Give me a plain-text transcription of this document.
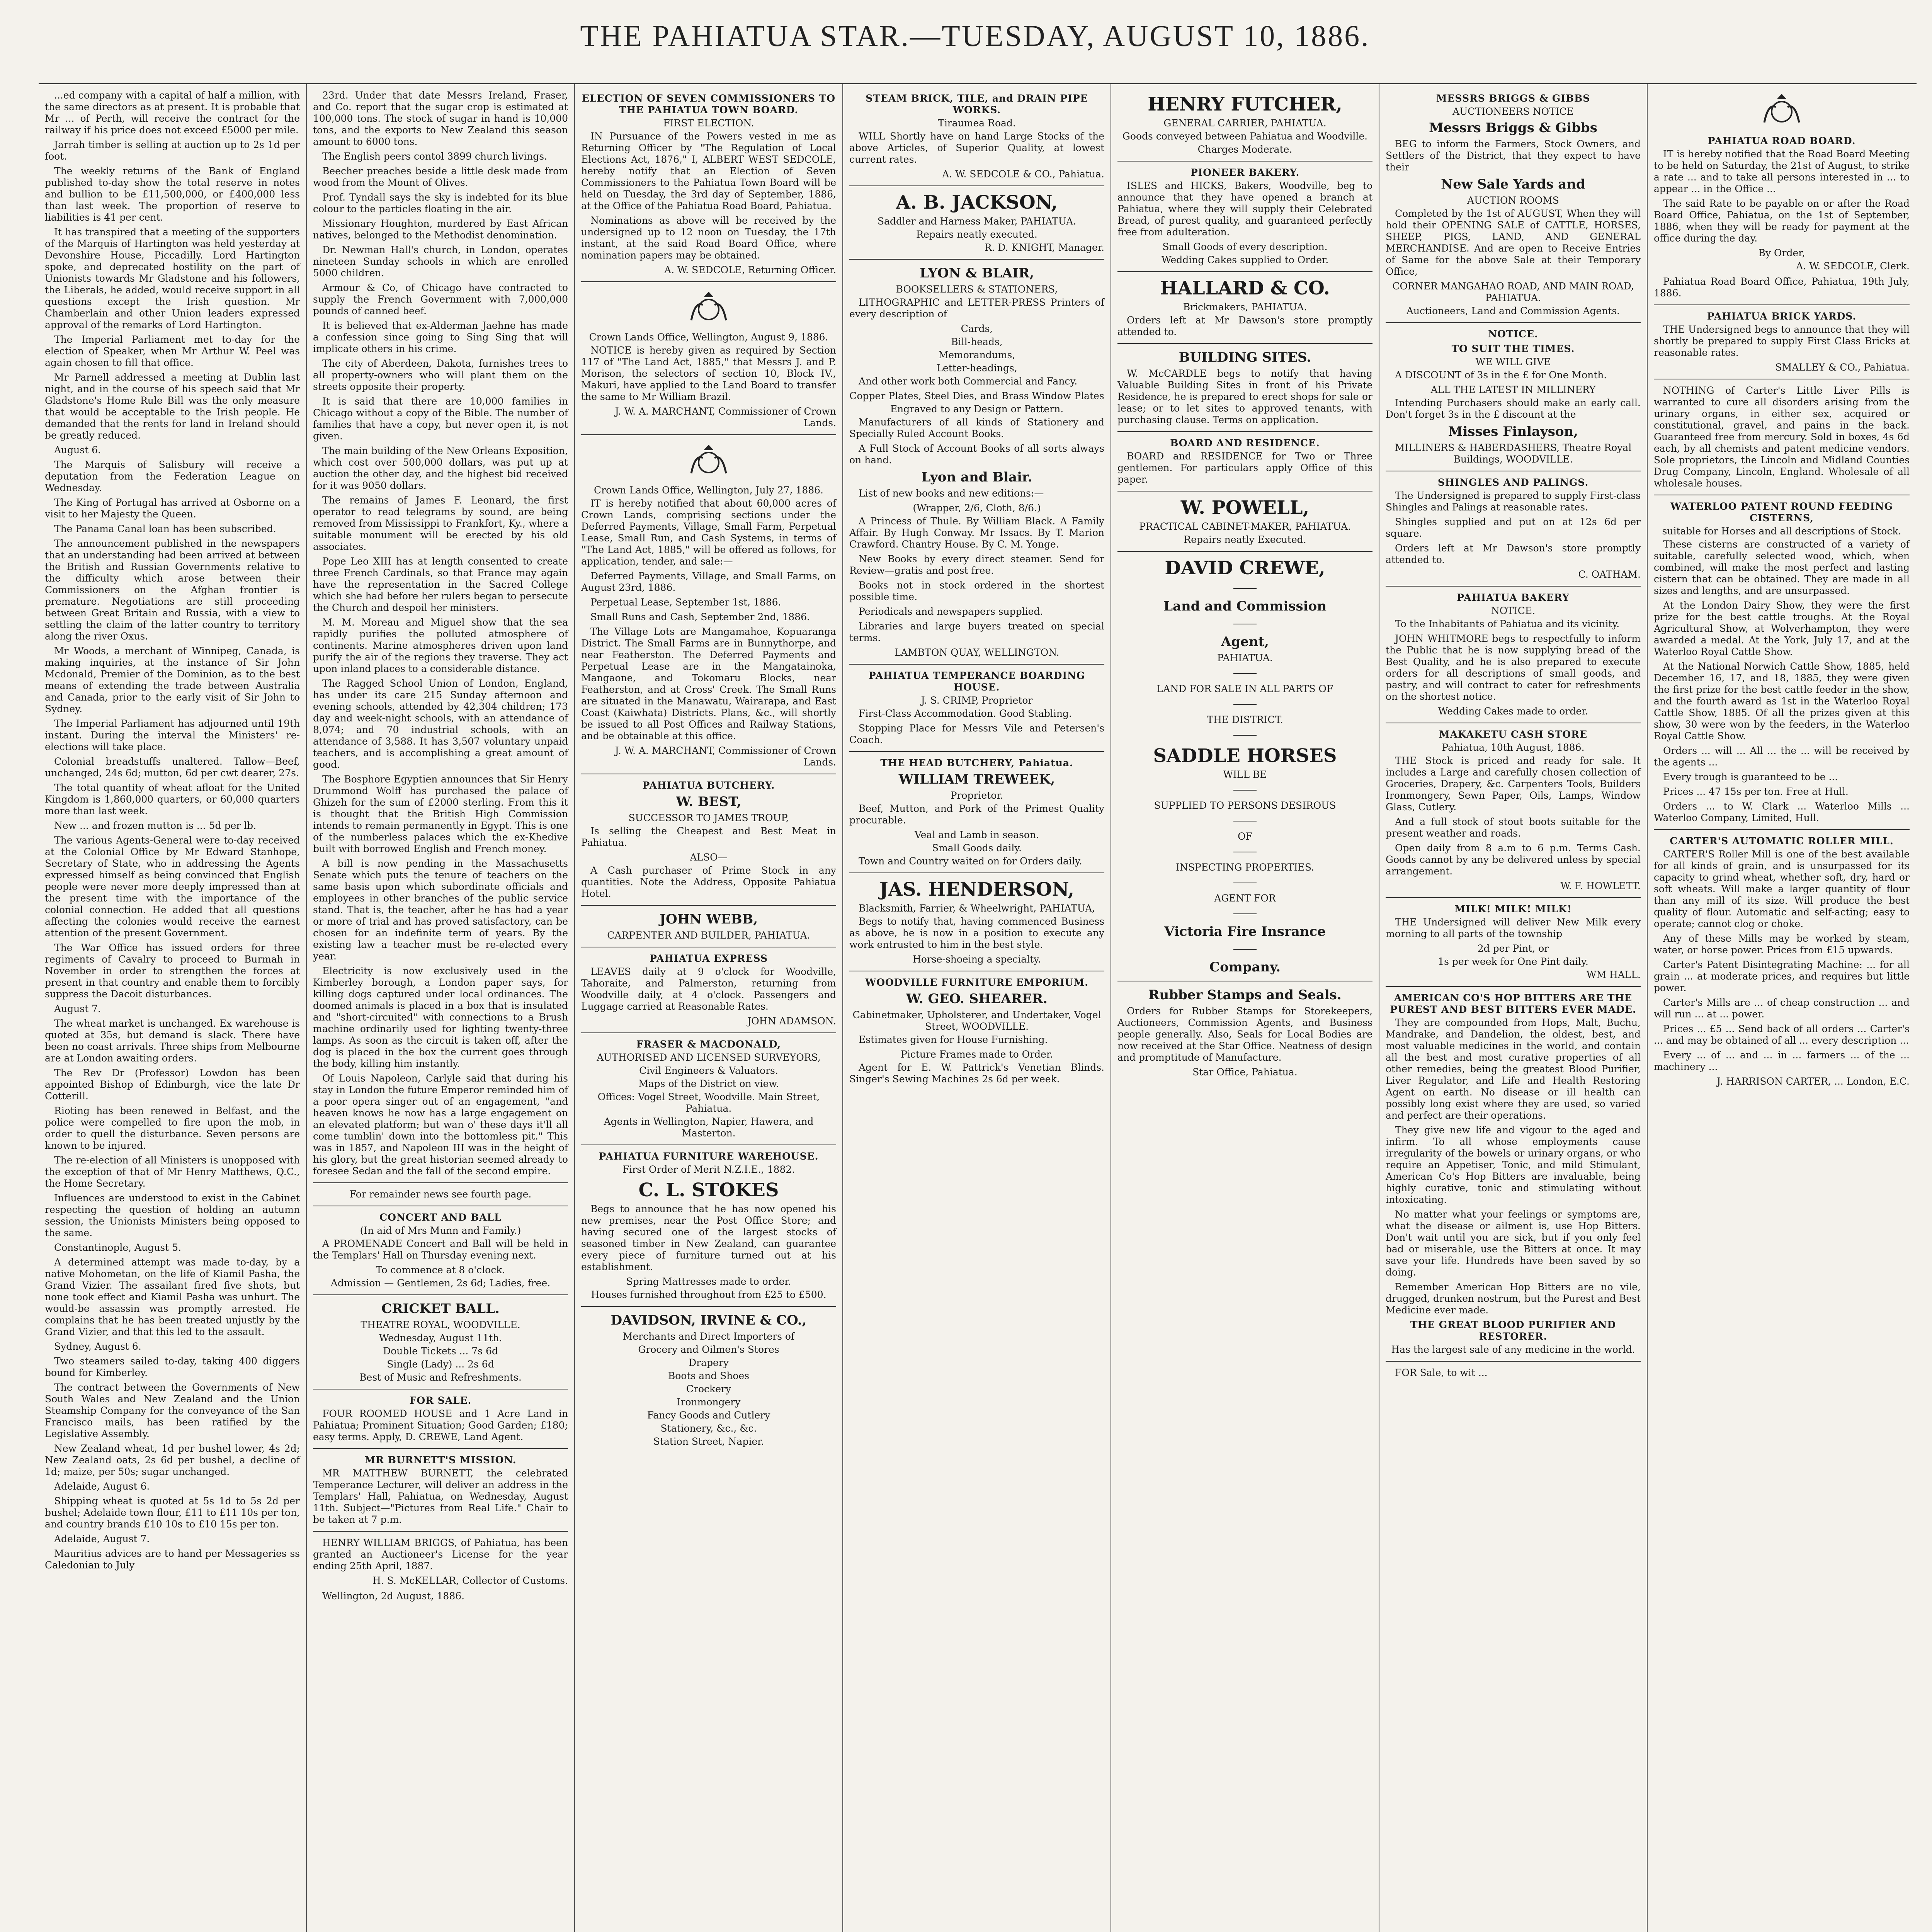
THE PAHIATUA STAR.—TUESDAY, AUGUST 10, 1886.

...ed company with a capital of half a million, with the same directors as at present. It is probable that Mr ... of Perth, will receive the contract for the railway if his price does not exceed £5000 per mile.

Jarrah timber is selling at auction up to 2s 1d per foot.

The weekly returns of the Bank of England published to-day show the total reserve in notes and bullion to be £11,500,000, or £400,000 less than last week. The proportion of reserve to liabilities is 41 per cent.

It has transpired that a meeting of the supporters of the Marquis of Hartington was held yesterday at Devonshire House, Piccadilly. Lord Hartington spoke, and deprecated hostility on the part of Unionists towards Mr Gladstone and his followers, the Liberals, he added, would receive support in all questions except the Irish question. Mr Chamberlain and other Union leaders expressed approval of the remarks of Lord Hartington.

The Imperial Parliament met to-day for the election of Speaker, when Mr Arthur W. Peel was again chosen to fill that office.

Mr Parnell addressed a meeting at Dublin last night, and in the course of his speech said that Mr Gladstone's Home Rule Bill was the only measure that would be acceptable to the Irish people. He demanded that the rents for land in Ireland should be greatly reduced.

August 6.

The Marquis of Salisbury will receive a deputation from the Federation League on Wednesday.

The King of Portugal has arrived at Osborne on a visit to her Majesty the Queen.

The Panama Canal loan has been subscribed.

The announcement published in the newspapers that an understanding had been arrived at between the British and Russian Governments relative to the difficulty which arose between their Commissioners on the Afghan frontier is premature. Negotiations are still proceeding between Great Britain and Russia, with a view to settling the claim of the latter country to territory along the river Oxus.

Mr Woods, a merchant of Winnipeg, Canada, is making inquiries, at the instance of Sir John Mcdonald, Premier of the Dominion, as to the best means of extending the trade between Australia and Canada, prior to the early visit of Sir John to Sydney.

The Imperial Parliament has adjourned until 19th instant. During the interval the Ministers' re-elections will take place.

Colonial breadstuffs unaltered. Tallow—Beef, unchanged, 24s 6d; mutton, 6d per cwt dearer, 27s.

The total quantity of wheat afloat for the United Kingdom is 1,860,000 quarters, or 60,000 quarters more than last week.

New ... and frozen mutton is ... 5d per lb.

The various Agents-General were to-day received at the Colonial Office by Mr Edward Stanhope, Secretary of State, who in addressing the Agents expressed himself as being convinced that English people were never more deeply impressed than at the present time with the importance of the colonial connection. He added that all questions affecting the colonies would receive the earnest attention of the present Government.

The War Office has issued orders for three regiments of Cavalry to proceed to Burmah in November in order to strengthen the forces at present in that country and enable them to forcibly suppress the Dacoit disturbances.

August 7.

The wheat market is unchanged. Ex warehouse is quoted at 35s, but demand is slack. There have been no coast arrivals. Three ships from Melbourne are at London awaiting orders.

The Rev Dr (Professor) Lowdon has been appointed Bishop of Edinburgh, vice the late Dr Cotterill.

Rioting has been renewed in Belfast, and the police were compelled to fire upon the mob, in order to quell the disturbance. Seven persons are known to be injured.

The re-election of all Ministers is unopposed with the exception of that of Mr Henry Matthews, Q.C., the Home Secretary.

Influences are understood to exist in the Cabinet respecting the question of holding an autumn session, the Unionists Ministers being opposed to the same.

Constantinople, August 5.

A determined attempt was made to-day, by a native Mohometan, on the life of Kiamil Pasha, the Grand Vizier. The assailant fired five shots, but none took effect and Kiamil Pasha was unhurt. The would-be assassin was promptly arrested. He complains that he has been treated unjustly by the Grand Vizier, and that this led to the assault.

Sydney, August 6.

Two steamers sailed to-day, taking 400 diggers bound for Kimberley.

The contract between the Governments of New South Wales and New Zealand and the Union Steamship Company for the conveyance of the San Francisco mails, has been ratified by the Legislative Assembly.

New Zealand wheat, 1d per bushel lower, 4s 2d; New Zealand oats, 2s 6d per bushel, a decline of 1d; maize, per 50s; sugar unchanged.

Adelaide, August 6.

Shipping wheat is quoted at 5s 1d to 5s 2d per bushel; Adelaide town flour, £11 to £11 10s per ton, and country brands £10 10s to £10 15s per ton.

Adelaide, August 7.

Mauritius advices are to hand per Messageries ss Caledonian to July

23rd. Under that date Messrs Ireland, Fraser, and Co. report that the sugar crop is estimated at 100,000 tons. The stock of sugar in hand is 10,000 tons, and the exports to New Zealand this season amount to 6000 tons.

The English peers contol 3899 church livings.

Beecher preaches beside a little desk made from wood from the Mount of Olives.

Prof. Tyndall says the sky is indebted for its blue colour to the particles floating in the air.

Missionary Houghton, murdered by East African natives, belonged to the Methodist denomination.

Dr. Newman Hall's church, in London, operates nineteen Sunday schools in which are enrolled 5000 children.

Armour & Co, of Chicago have contracted to supply the French Government with 7,000,000 pounds of canned beef.

It is believed that ex-Alderman Jaehne has made a confession since going to Sing Sing that will implicate others in his crime.

The city of Aberdeen, Dakota, furnishes trees to all property-owners who will plant them on the streets opposite their property.

It is said that there are 10,000 families in Chicago without a copy of the Bible. The number of families that have a copy, but never open it, is not given.

The main building of the New Orleans Exposition, which cost over 500,000 dollars, was put up at auction the other day, and the highest bid received for it was 9050 dollars.

The remains of James F. Leonard, the first operator to read telegrams by sound, are being removed from Mississippi to Frankfort, Ky., where a suitable monument will be erected by his old associates.

Pope Leo XIII has at length consented to create three French Cardinals, so that France may again have the representation in the Sacred College which she had before her rulers began to persecute the Church and despoil her ministers.

M. M. Moreau and Miguel show that the sea rapidly purifies the polluted atmosphere of continents. Marine atmospheres driven upon land purify the air of the regions they traverse. They act upon inland places to a considerable distance.

The Ragged School Union of London, England, has under its care 215 Sunday afternoon and evening schools, attended by 42,304 children; 173 day and week-night schools, with an attendance of 8,074; and 70 industrial schools, with an attendance of 3,588. It has 3,507 voluntary unpaid teachers, and is accomplishing a great amount of good.

The Bosphore Egyptien announces that Sir Henry Drummond Wolff has purchased the palace of Ghizeh for the sum of £2000 sterling. From this it is thought that the British High Commission intends to remain permanently in Egypt. This is one of the numberless palaces which the ex-Khedive built with borrowed English and French money.

A bill is now pending in the Massachusetts Senate which puts the tenure of teachers on the same basis upon which subordinate officials and employees in other branches of the public service stand. That is, the teacher, after he has had a year or more of trial and has proved satisfactory, can be chosen for an indefinite term of years. By the existing law a teacher must be re-elected every year.

Electricity is now exclusively used in the Kimberley borough, a London paper says, for killing dogs captured under local ordinances. The doomed animals is placed in a box that is insulated and "short-circuited" with connections to a Brush machine ordinarily used for lighting twenty-three lamps. As soon as the circuit is taken off, after the dog is placed in the box the current goes through the body, killing him instantly.

Of Louis Napoleon, Carlyle said that during his stay in London the future Emperor reminded him of a poor opera singer out of an engagement, "and heaven knows he now has a large engagement on an elevated platform; but wan o' these days it'll all come tumblin' down into the bottomless pit." This was in 1857, and Napoleon III was in the height of his glory, but the great historian seemed already to foresee Sedan and the fall of the second empire.

For remainder news see fourth page.

CONCERT AND BALL

(In aid of Mrs Munn and Family.)

A PROMENADE Concert and Ball will be held in the Templars' Hall on Thursday evening next.

To commence at 8 o'clock.

Admission — Gentlemen, 2s 6d; Ladies, free.

CRICKET BALL.

THEATRE ROYAL, WOODVILLE.

Wednesday, August 11th.

Double Tickets ... 7s 6d

Single (Lady) ... 2s 6d

Best of Music and Refreshments.

FOR SALE.

FOUR ROOMED HOUSE and 1 Acre Land in Pahiatua; Prominent Situation; Good Garden; £180; easy terms. Apply, D. CREWE, Land Agent.

MR BURNETT'S MISSION.

MR MATTHEW BURNETT, the celebrated Temperance Lecturer, will deliver an address in the Templars' Hall, Pahiatua, on Wednesday, August 11th. Subject—"Pictures from Real Life." Chair to be taken at 7 p.m.

HENRY WILLIAM BRIGGS, of Pahiatua, has been granted an Auctioneer's License for the year ending 25th April, 1887.

H. S. McKELLAR, Collector of Customs.

Wellington, 2d August, 1886.

ELECTION OF SEVEN COMMISSIONERS TO THE PAHIATUA TOWN BOARD.

FIRST ELECTION.

IN Pursuance of the Powers vested in me as Returning Officer by "The Regulation of Local Elections Act, 1876," I, ALBERT WEST SEDCOLE, hereby notify that an Election of Seven Commissioners to the Pahiatua Town Board will be held on Tuesday, the 3rd day of September, 1886, at the Office of the Pahiatua Road Board, Pahiatua.

Nominations as above will be received by the undersigned up to 12 noon on Tuesday, the 17th instant, at the said Road Board Office, where nomination papers may be obtained.

A. W. SEDCOLE, Returning Officer.

Crown Lands Office, Wellington, August 9, 1886.

NOTICE is hereby given as required by Section 117 of "The Land Act, 1885," that Messrs J. and P. Morison, the selectors of section 10, Block IV., Makuri, have applied to the Land Board to transfer the same to Mr William Brazil.

J. W. A. MARCHANT, Commissioner of Crown Lands.

Crown Lands Office, Wellington, July 27, 1886.

IT is hereby notified that about 60,000 acres of Crown Lands, comprising sections under the Deferred Payments, Village, Small Farm, Perpetual Lease, Small Run, and Cash Systems, in terms of "The Land Act, 1885," will be offered as follows, for application, tender, and sale:—

Deferred Payments, Village, and Small Farms, on August 23rd, 1886.

Perpetual Lease, September 1st, 1886.

Small Runs and Cash, September 2nd, 1886.

The Village Lots are Mangamahoe, Kopuaranga District. The Small Farms are in Bunnythorpe, and near Featherston. The Deferred Payments and Perpetual Lease are in the Mangatainoka, Mangaone, and Tokomaru Blocks, near Featherston, and at Cross' Creek. The Small Runs are situated in the Manawatu, Wairarapa, and East Coast (Kaiwhata) Districts. Plans, &c., will shortly be issued to all Post Offices and Railway Stations, and be obtainable at this office.

J. W. A. MARCHANT, Commissioner of Crown Lands.

PAHIATUA BUTCHERY.
W. BEST,

SUCCESSOR TO JAMES TROUP,

Is selling the Cheapest and Best Meat in Pahiatua.

ALSO—

A Cash purchaser of Prime Stock in any quantities. Note the Address, Opposite Pahiatua Hotel.

JOHN WEBB,

CARPENTER AND BUILDER, PAHIATUA.

PAHIATUA EXPRESS

LEAVES daily at 9 o'clock for Woodville, Tahoraite, and Palmerston, returning from Woodville daily, at 4 o'clock. Passengers and Luggage carried at Reasonable Rates.

JOHN ADAMSON.

FRASER & MACDONALD,

AUTHORISED AND LICENSED SURVEYORS,

Civil Engineers & Valuators.

Maps of the District on view.

Offices: Vogel Street, Woodville. Main Street, Pahiatua.

Agents in Wellington, Napier, Hawera, and Masterton.

PAHIATUA FURNITURE WAREHOUSE.

First Order of Merit N.Z.I.E., 1882.

C. L. STOKES

Begs to announce that he has now opened his new premises, near the Post Office Store; and having secured one of the largest stocks of seasoned timber in New Zealand, can guarantee every piece of furniture turned out at his establishment.

Spring Mattresses made to order.

Houses furnished throughout from £25 to £500.

DAVIDSON, IRVINE & CO.,

Merchants and Direct Importers of

Grocery and Oilmen's Stores

Drapery

Boots and Shoes

Crockery

Ironmongery

Fancy Goods and Cutlery

Stationery, &c., &c.

Station Street, Napier.

STEAM BRICK, TILE, and DRAIN PIPE WORKS.

Tiraumea Road.

WILL Shortly have on hand Large Stocks of the above Articles, of Superior Quality, at lowest current rates.

A. W. SEDCOLE & CO., Pahiatua.

A. B. JACKSON,

Saddler and Harness Maker, PAHIATUA.

Repairs neatly executed.

R. D. KNIGHT, Manager.

LYON & BLAIR,

BOOKSELLERS & STATIONERS,

LITHOGRAPHIC and LETTER-PRESS Printers of every description of

Cards,

Bill-heads,

Memorandums,

Letter-headings,

And other work both Commercial and Fancy.

Copper Plates, Steel Dies, and Brass Window Plates

Engraved to any Design or Pattern.

Manufacturers of all kinds of Stationery and Specially Ruled Account Books.

A Full Stock of Account Books of all sorts always on hand.

Lyon and Blair.

List of new books and new editions:—

(Wrapper, 2/6, Cloth, 8/6.)

A Princess of Thule. By William Black. A Family Affair. By Hugh Conway. Mr Issacs. By T. Marion Crawford. Chantry House. By C. M. Yonge.

New Books by every direct steamer. Send for Review—gratis and post free.

Books not in stock ordered in the shortest possible time.

Periodicals and newspapers supplied.

Libraries and large buyers treated on special terms.

LAMBTON QUAY, WELLINGTON.

PAHIATUA TEMPERANCE BOARDING HOUSE.

J. S. CRIMP, Proprietor

First-Class Accommodation. Good Stabling.

Stopping Place for Messrs Vile and Petersen's Coach.

THE HEAD BUTCHERY, Pahiatua.
WILLIAM TREWEEK,

Proprietor.

Beef, Mutton, and Pork of the Primest Quality procurable.

Veal and Lamb in season.

Small Goods daily.

Town and Country waited on for Orders daily.

JAS. HENDERSON,

Blacksmith, Farrier, & Wheelwright, PAHIATUA,

Begs to notify that, having commenced Business as above, he is now in a position to execute any work entrusted to him in the best style.

Horse-shoeing a specialty.

WOODVILLE FURNITURE EMPORIUM.
W. GEO. SHEARER.

Cabinetmaker, Upholsterer, and Undertaker, Vogel Street, WOODVILLE.

Estimates given for House Furnishing.

Picture Frames made to Order.

Agent for E. W. Pattrick's Venetian Blinds. Singer's Sewing Machines 2s 6d per week.

HENRY FUTCHER,

GENERAL CARRIER, PAHIATUA.

Goods conveyed between Pahiatua and Woodville.

Charges Moderate.

PIONEER BAKERY.

ISLES and HICKS, Bakers, Woodville, beg to announce that they have opened a branch at Pahiatua, where they will supply their Celebrated Bread, of purest quality, and guaranteed perfectly free from adulteration.

Small Goods of every description.

Wedding Cakes supplied to Order.

HALLARD & CO.

Brickmakers, PAHIATUA.

Orders left at Mr Dawson's store promptly attended to.

BUILDING SITES.

W. McCARDLE begs to notify that having Valuable Building Sites in front of his Private Residence, he is prepared to erect shops for sale or lease; or to let sites to approved tenants, with purchasing clause. Terms on application.

BOARD AND RESIDENCE.

BOARD and RESIDENCE for Two or Three gentlemen. For particulars apply Office of this paper.

W. POWELL,

PRACTICAL CABINET-MAKER, PAHIATUA.

Repairs neatly Executed.

DAVID CREWE,
Land and Commission
Agent,

PAHIATUA.

LAND FOR SALE IN ALL PARTS OF

THE DISTRICT.

SADDLE HORSES

WILL BE

SUPPLIED TO PERSONS DESIROUS

OF

INSPECTING PROPERTIES.

AGENT FOR

Victoria Fire Insrance
Company.
Rubber Stamps and Seals.

Orders for Rubber Stamps for Storekeepers, Auctioneers, Commission Agents, and Business people generally. Also, Seals for Local Bodies are now received at the Star Office. Neatness of design and promptitude of Manufacture.

Star Office, Pahiatua.

MESSRS BRIGGS & GIBBS

AUCTIONEERS NOTICE

Messrs Briggs & Gibbs

BEG to inform the Farmers, Stock Owners, and Settlers of the District, that they expect to have their

New Sale Yards and

AUCTION ROOMS

Completed by the 1st of AUGUST, When they will hold their OPENING SALE of CATTLE, HORSES, SHEEP, PIGS, LAND, AND GENERAL MERCHANDISE. And are open to Receive Entries of Same for the above Sale at their Temporary Office,

CORNER MANGAHAO ROAD, AND MAIN ROAD, PAHIATUA.

Auctioneers, Land and Commission Agents.

NOTICE.
TO SUIT THE TIMES.

WE WILL GIVE

A DISCOUNT of 3s in the £ for One Month.

ALL THE LATEST IN MILLINERY

Intending Purchasers should make an early call. Don't forget 3s in the £ discount at the

Misses Finlayson,

MILLINERS & HABERDASHERS, Theatre Royal Buildings, WOODVILLE.

SHINGLES AND PALINGS.

The Undersigned is prepared to supply First-class Shingles and Palings at reasonable rates.

Shingles supplied and put on at 12s 6d per square.

Orders left at Mr Dawson's store promptly attended to.

C. OATHAM.

PAHIATUA BAKERY

NOTICE.

To the Inhabitants of Pahiatua and its vicinity.

JOHN WHITMORE begs to respectfully to inform the Public that he is now supplying bread of the Best Quality, and he is also prepared to execute orders for all descriptions of small goods, and pastry, and will contract to cater for refreshments on the shortest notice.

Wedding Cakes made to order.

MAKAKETU CASH STORE

Pahiatua, 10th August, 1886.

THE Stock is priced and ready for sale. It includes a Large and carefully chosen collection of Groceries, Drapery, &c. Carpenters Tools, Builders Ironmongery, Sewn Paper, Oils, Lamps, Window Glass, Cutlery.

And a full stock of stout boots suitable for the present weather and roads.

Open daily from 8 a.m to 6 p.m. Terms Cash. Goods cannot by any be delivered unless by special arrangement.

W. F. HOWLETT.

MILK! MILK! MILK!

THE Undersigned will deliver New Milk every morning to all parts of the township

2d per Pint, or

1s per week for One Pint daily.

WM HALL.

AMERICAN CO'S HOP BITTERS ARE THE PUREST AND BEST BITTERS EVER MADE.

They are compounded from Hops, Malt, Buchu, Mandrake, and Dandelion, the oldest, best, and most valuable medicines in the world, and contain all the best and most curative properties of all other remedies, being the greatest Blood Purifier, Liver Regulator, and Life and Health Restoring Agent on earth. No disease or ill health can possibly long exist where they are used, so varied and perfect are their operations.

They give new life and vigour to the aged and infirm. To all whose employments cause irregularity of the bowels or urinary organs, or who require an Appetiser, Tonic, and mild Stimulant, American Co's Hop Bitters are invaluable, being highly curative, tonic and stimulating without intoxicating.

No matter what your feelings or symptoms are, what the disease or ailment is, use Hop Bitters. Don't wait until you are sick, but if you only feel bad or miserable, use the Bitters at once. It may save your life. Hundreds have been saved by so doing.

Remember American Hop Bitters are no vile, drugged, drunken nostrum, but the Purest and Best Medicine ever made.

THE GREAT BLOOD PURIFIER AND RESTORER.

Has the largest sale of any medicine in the world.

FOR Sale, to wit ...

PAHIATUA ROAD BOARD.

IT is hereby notified that the Road Board Meeting to be held on Saturday, the 21st of August, to strike a rate ... and to take all persons interested in ... to appear ... in the Office ...

The said Rate to be payable on or after the Road Board Office, Pahiatua, on the 1st of September, 1886, when they will be ready for payment at the office during the day.

By Order,

A. W. SEDCOLE, Clerk.

Pahiatua Road Board Office, Pahiatua, 19th July, 1886.

PAHIATUA BRICK YARDS.

THE Undersigned begs to announce that they will shortly be prepared to supply First Class Bricks at reasonable rates.

SMALLEY & CO., Pahiatua.

NOTHING of Carter's Little Liver Pills is warranted to cure all disorders arising from the urinary organs, in either sex, acquired or constitutional, gravel, and pains in the back. Guaranteed free from mercury. Sold in boxes, 4s 6d each, by all chemists and patent medicine vendors. Sole proprietors, the Lincoln and Midland Counties Drug Company, Lincoln, England. Wholesale of all wholesale houses.

WATERLOO PATENT ROUND FEEDING CISTERNS,

suitable for Horses and all descriptions of Stock.

These cisterns are constructed of a variety of suitable, carefully selected wood, which, when combined, will make the most perfect and lasting cistern that can be obtained. They are made in all sizes and lengths, and are unsurpassed.

At the London Dairy Show, they were the first prize for the best cattle troughs. At the Royal Agricultural Show, at Wolverhampton, they were awarded a medal. At the York, July 17, and at the Waterloo Royal Cattle Show.

At the National Norwich Cattle Show, 1885, held December 16, 17, and 18, 1885, they were given the first prize for the best cattle feeder in the show, and the fourth award as 1st in the Waterloo Royal Cattle Show, 1885. Of all the prizes given at this show, 30 were won by the feeders, in the Waterloo Royal Cattle Show.

Orders ... will ... All ... the ... will be received by the agents ...

Every trough is guaranteed to be ...

Prices ... 47 15s per ton. Free at Hull.

Orders ... to W. Clark ... Waterloo Mills ... Waterloo Company, Limited, Hull.

CARTER'S AUTOMATIC ROLLER MILL.

CARTER'S Roller Mill is one of the best available for all kinds of grain, and is unsurpassed for its capacity to grind wheat, whether soft, dry, hard or soft wheats. Will make a larger quantity of flour than any mill of its size. Will produce the best quality of flour. Automatic and self-acting; easy to operate; cannot clog or choke.

Any of these Mills may be worked by steam, water, or horse power. Prices from £15 upwards.

Carter's Patent Disintegrating Machine: ... for all grain ... at moderate prices, and requires but little power.

Carter's Mills are ... of cheap construction ... and will run ... at ... power.

Prices ... £5 ... Send back of all orders ... Carter's ... and may be obtained of all ... every description ...

Every ... of ... and ... in ... farmers ... of the ... machinery ...

J. HARRISON CARTER, ... London, E.C.
